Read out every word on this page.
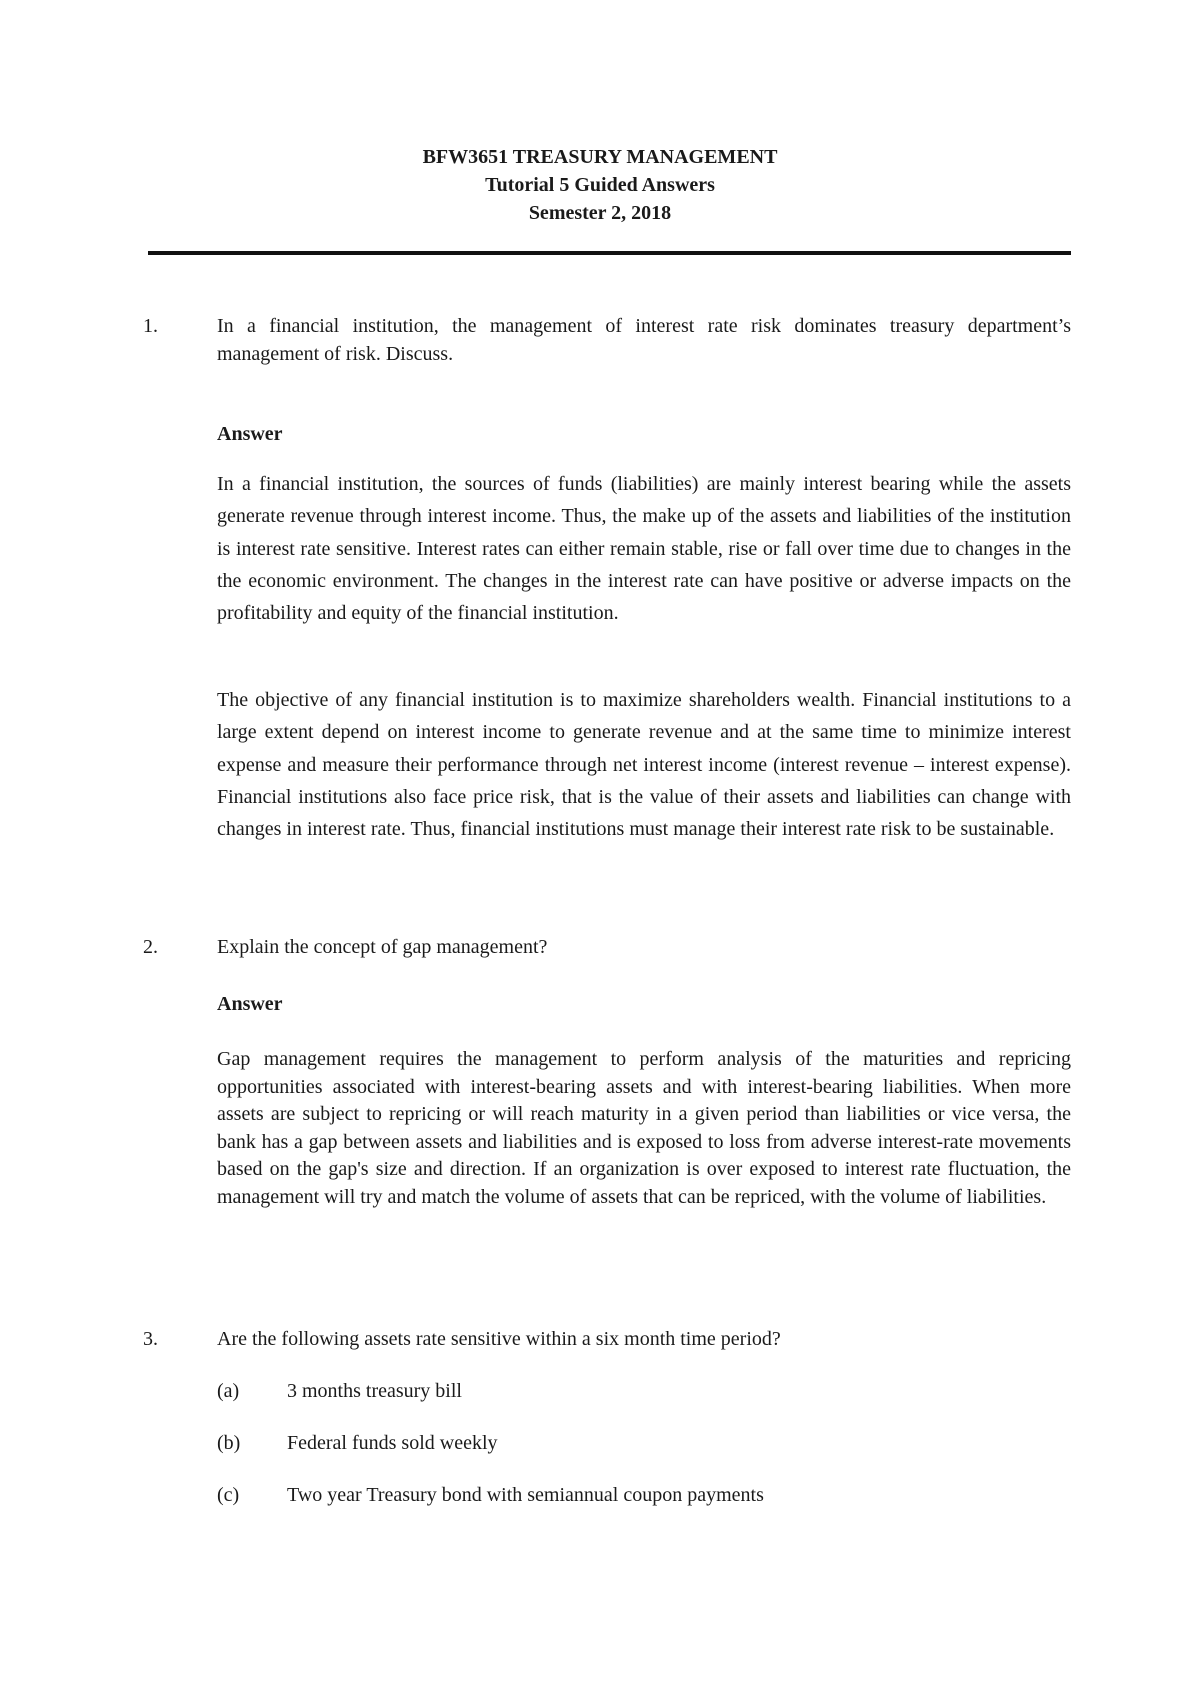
BFW3651 TREASURY MANAGEMENT
Tutorial 5 Guided Answers
Semester 2, 2018
1.	In a financial institution, the management of interest rate risk dominates treasury department’s management of risk. Discuss.
Answer
In a financial institution, the sources of funds (liabilities) are mainly interest bearing while the assets generate revenue through interest income. Thus, the make up of the assets and liabilities of the institution is interest rate sensitive. Interest rates can either remain stable, rise or fall over time due to changes in the the economic environment. The changes in the interest rate can have positive or adverse impacts on the profitability and equity of the financial institution.
The objective of any financial institution is to maximize shareholders wealth. Financial institutions to a large extent depend on interest income to generate revenue and at the same time to minimize interest expense and measure their performance through net interest income (interest revenue – interest expense). Financial institutions also face price risk, that is the value of their assets and liabilities can change with changes in interest rate. Thus, financial institutions must manage their interest rate risk to be sustainable.
2.	Explain the concept of gap management?
Answer
Gap management requires the management to perform analysis of the maturities and repricing opportunities associated with interest-bearing assets and with interest-bearing liabilities. When more assets are subject to repricing or will reach maturity in a given period than liabilities or vice versa, the bank has a gap between assets and liabilities and is exposed to loss from adverse interest-rate movements based on the gap's size and direction. If an organization is over exposed to interest rate fluctuation, the management will try and match the volume of assets that can be repriced, with the volume of liabilities.
3.	Are the following assets rate sensitive within a six month time period?
(a) 3 months treasury bill
(b) Federal funds sold weekly
(c) Two year Treasury bond with semiannual coupon payments
